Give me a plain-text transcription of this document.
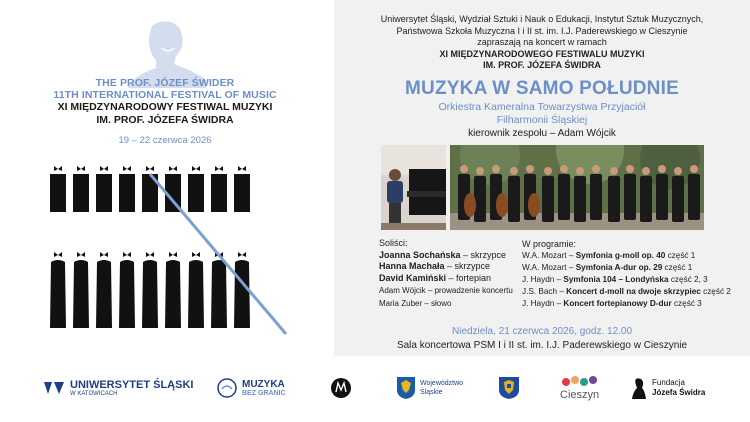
THE PROF. JÓZEF ŚWIDER
11TH INTERNATIONAL FESTIVAL OF MUSIC
XI MIĘDZYNARODOWY FESTIWAL MUZYKI
IM. PROF. JÓZEFA ŚWIDRA
19 – 22 czerwca 2026
Uniwersytet Śląski, Wydział Sztuki i Nauk o Edukacji, Instytut Sztuk Muzycznych,
Państwowa Szkoła Muzyczna I i II st. im. I.J. Paderewskiego w Cieszynie
zapraszają na koncert w ramach
XI MIĘDZYNARODOWEGO FESTIWALU MUZYKI
IM. PROF. JÓZEFA ŚWIDRA
MUZYKA W SAMO POŁUDNIE
Orkiestra Kameralna Towarzystwa Przyjaciół
Filharmonii Śląskiej
kierownik zespołu – Adam Wójcik
Soliści:
Joanna Sochańska – skrzypce
Hanna Machała – skrzypce
David Kamiński – fortepian
Adam Wójcik – prowadzenie koncertu
Maria Zuber – słowo
W programie:
W.A. Mozart – Symfonia g-moll op. 40 część 1
W.A. Mozart – Symfonia A-dur op. 29 część 1
J. Haydn – Symfonia 104 – Londyńska część 2, 3
J.S. Bach – Koncert d-moll na dwoje skrzypiec część 2
J. Haydn – Koncert fortepianowy D-dur część 3
Niedziela, 21 czerwca 2026, godz. 12.00
Sala koncertowa PSM I i II st. im. I.J. Paderewskiego w Cieszynie
UNIWERSYTET ŚLĄSKI
W KATOWICACH
MUZYKA
BEZ GRANIC
Województwo
Śląskie	Cieszyn
Fundacja
Józefa Świdra
